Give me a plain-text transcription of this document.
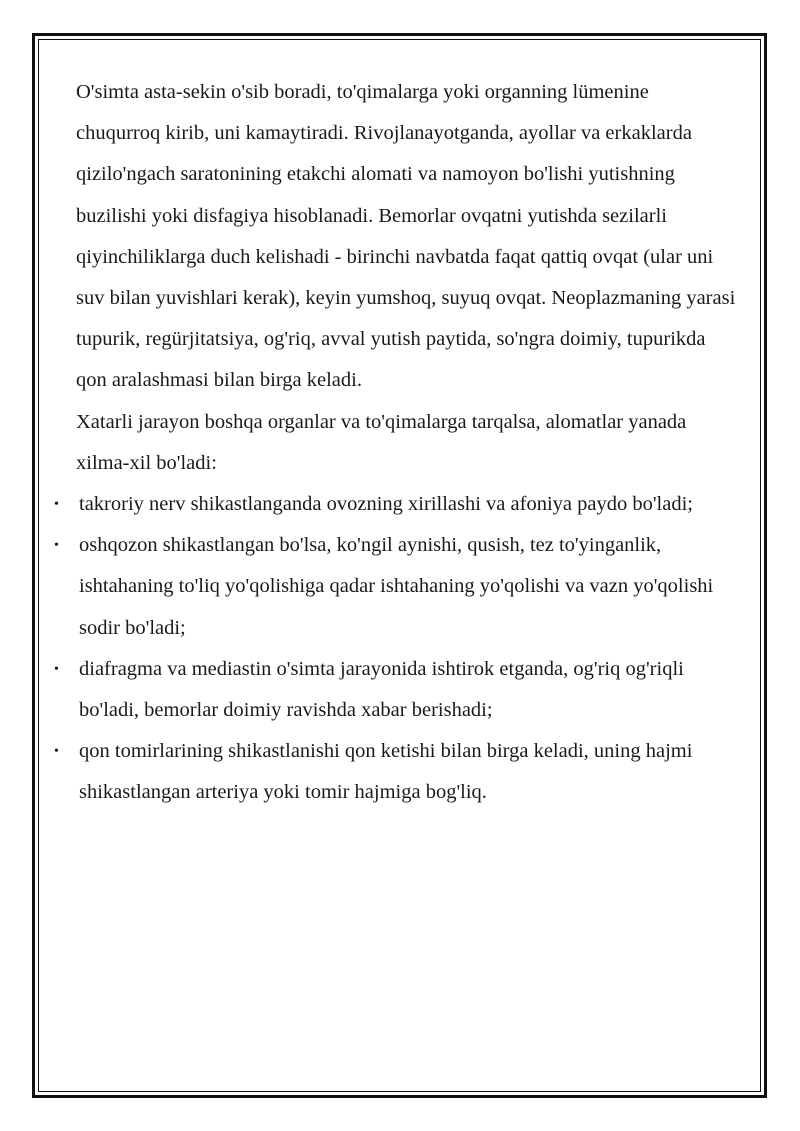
O'simta asta-sekin o'sib boradi, to'qimalarga yoki organning lümenine chuqurroq kirib, uni kamaytiradi. Rivojlanayotganda, ayollar va erkaklarda qizilo'ngach saratonining etakchi alomati va namoyon bo'lishi yutishning buzilishi yoki disfagiya hisoblanadi. Bemorlar ovqatni yutishda sezilarli qiyinchiliklarga duch kelishadi - birinchi navbatda faqat qattiq ovqat (ular uni suv bilan yuvishlari kerak), keyin yumshoq, suyuq ovqat. Neoplazmaning yarasi tupurik, regürjitatsiya, og'riq, avval yutish paytida, so'ngra doimiy, tupurikda qon aralashmasi bilan birga keladi.

Xatarli jarayon boshqa organlar va to'qimalarga tarqalsa, alomatlar yanada xilma-xil bo'ladi:

• takroriy nerv shikastlanganda ovozning xirillashi va afoniya paydo bo'ladi;
• oshqozon shikastlangan bo'lsa, ko'ngil aynishi, qusish, tez to'yinganlik, ishtahaning to'liq yo'qolishiga qadar ishtahaning yo'qolishi va vazn yo'qolishi sodir bo'ladi;
• diafragma va mediastin o'simta jarayonida ishtirok etganda, og'riq og'riqli bo'ladi, bemorlar doimiy ravishda xabar berishadi;
• qon tomirlarining shikastlanishi qon ketishi bilan birga keladi, uning hajmi shikastlangan arteriya yoki tomir hajmiga bog'liq.
